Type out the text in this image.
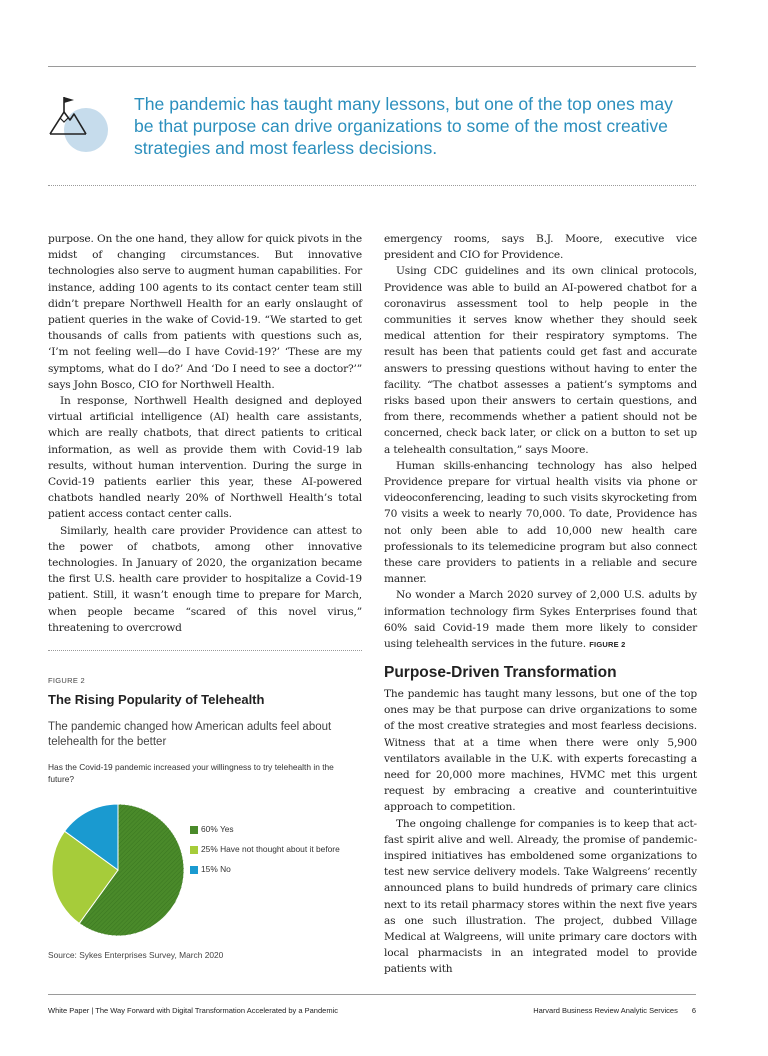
The pandemic has taught many lessons, but one of the top ones may be that purpose can drive organizations to some of the most creative strategies and most fearless decisions.

purpose. On the one hand, they allow for quick pivots in the midst of changing circumstances. But innovative technologies also serve to augment human capabilities. For instance, adding 100 agents to its contact center team still didn’t prepare Northwell Health for an early onslaught of patient queries in the wake of Covid-19. “We started to get thousands of calls from patients with questions such as, ‘I’m not feeling well—do I have Covid-19?’ ‘These are my symptoms, what do I do?’ And ‘Do I need to see a doctor?’” says John Bosco, CIO for Northwell Health.

In response, Northwell Health designed and deployed virtual artificial intelligence (AI) health care assistants, which are really chatbots, that direct patients to critical information, as well as provide them with Covid-19 lab results, without human intervention. During the surge in Covid-19 patients earlier this year, these AI-powered chatbots handled nearly 20% of Northwell Health’s total patient access contact center calls.

Similarly, health care provider Providence can attest to the power of chatbots, among other innovative technologies. In January of 2020, the organization became the first U.S. health care provider to hospitalize a Covid-19 patient. Still, it wasn’t enough time to prepare for March, when people became “scared of this novel virus,” threatening to overcrowd

emergency rooms, says B.J. Moore, executive vice president and CIO for Providence.

Using CDC guidelines and its own clinical protocols, Providence was able to build an AI-powered chatbot for a coronavirus assessment tool to help people in the communities it serves know whether they should seek medical attention for their respiratory symptoms. The result has been that patients could get fast and accurate answers to pressing questions without having to enter the facility. “The chatbot assesses a patient’s symptoms and risks based upon their answers to certain questions, and from there, recommends whether a patient should not be concerned, check back later, or click on a button to set up a telehealth consultation,” says Moore.

Human skills-enhancing technology has also helped Providence prepare for virtual health visits via phone or videoconferencing, leading to such visits skyrocketing from 70 visits a week to nearly 70,000. To date, Providence has not only been able to add 10,000 new health care professionals to its telemedicine program but also connect these care providers to patients in a reliable and secure manner.

No wonder a March 2020 survey of 2,000 U.S. adults by information technology firm Sykes Enterprises found that 60% said Covid-19 made them more likely to consider using telehealth services in the future. FIGURE 2

FIGURE 2

The Rising Popularity of Telehealth

The pandemic changed how American adults feel about telehealth for the better

Has the Covid-19 pandemic increased your willingness to try telehealth in the future?

60% Yes
25% Have not thought about it before
15% No

Source: Sykes Enterprises Survey, March 2020

Purpose-Driven Transformation

The pandemic has taught many lessons, but one of the top ones may be that purpose can drive organizations to some of the most creative strategies and most fearless decisions. Witness that at a time when there were only 5,900 ventilators available in the U.K. with experts forecasting a need for 20,000 more machines, HVMC met this urgent request by embracing a creative and counterintuitive approach to competition.

The ongoing challenge for companies is to keep that act-fast spirit alive and well. Already, the promise of pandemic-inspired initiatives has emboldened some organizations to test new service delivery models. Take Walgreens’ recently announced plans to build hundreds of primary care clinics next to its retail pharmacy stores within the next five years as one such illustration. The project, dubbed Village Medical at Walgreens, will unite primary care doctors with local pharmacists in an integrated model to provide patients with

White Paper | The Way Forward with Digital Transformation Accelerated by a Pandemic	Harvard Business Review Analytic Services 6
